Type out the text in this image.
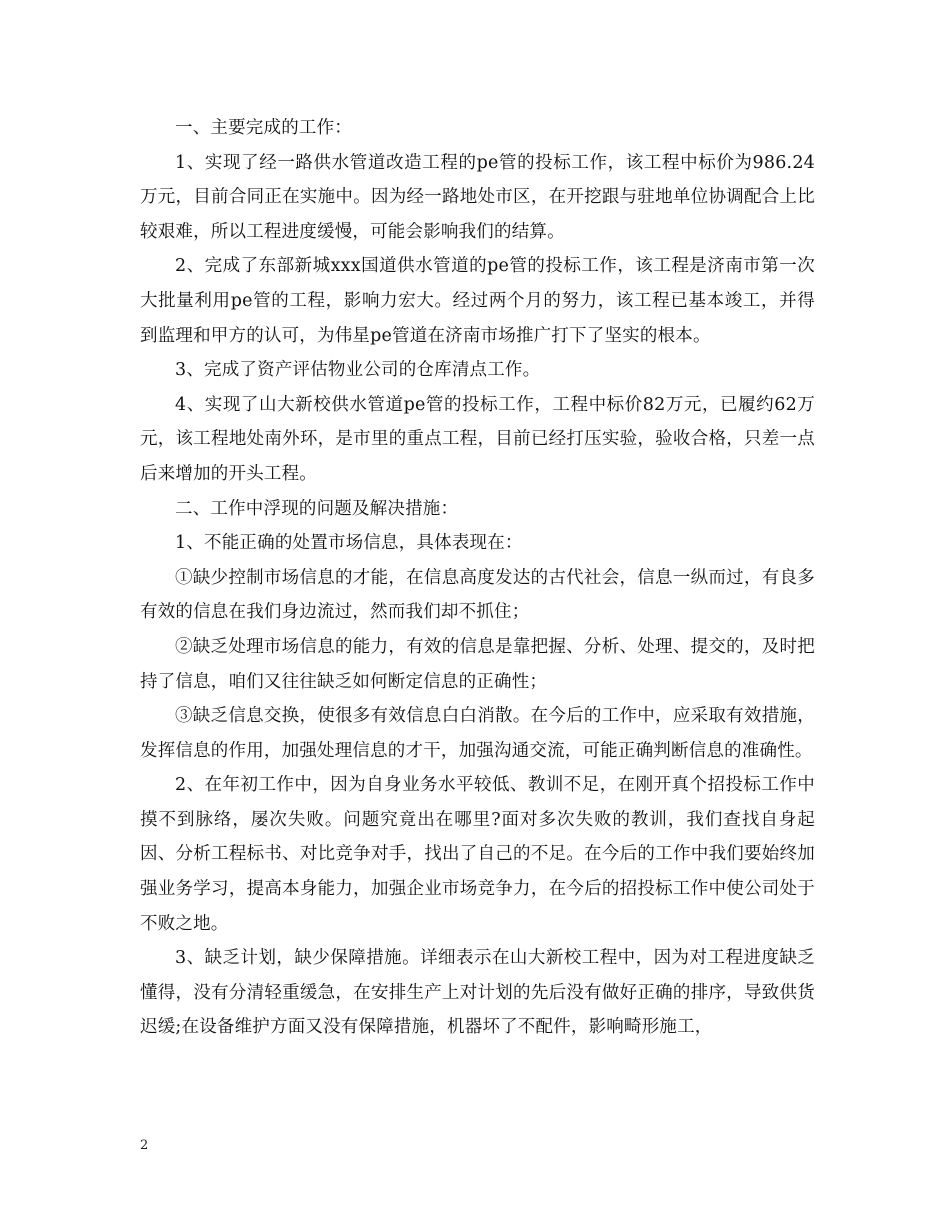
一、主要完成的工作：

1、实现了经一路供水管道改造工程的pe管的投标工作，该工程中标价为986.24万元，目前合同正在实施中。因为经一路地处市区，在开挖跟与驻地单位协调配合上比较艰难，所以工程进度缓慢，可能会影响我们的结算。

2、完成了东部新城xxx国道供水管道的pe管的投标工作，该工程是济南市第一次大批量利用pe管的工程，影响力宏大。经过两个月的努力，该工程已基本竣工，并得到监理和甲方的认可，为伟星pe管道在济南市场推广打下了坚实的根本。

3、完成了资产评估物业公司的仓库清点工作。

4、实现了山大新校供水管道pe管的投标工作，工程中标价82万元，已履约62万元，该工程地处南外环，是市里的重点工程，目前已经打压实验，验收合格，只差一点后来增加的开头工程。

二、工作中浮现的问题及解决措施：

1、不能正确的处置市场信息，具体表现在：

①缺少控制市场信息的才能，在信息高度发达的古代社会，信息一纵而过，有良多有效的信息在我们身边流过，然而我们却不抓住；

②缺乏处理市场信息的能力，有效的信息是靠把握、分析、处理、提交的，及时把持了信息，咱们又往往缺乏如何断定信息的正确性；

③缺乏信息交换，使很多有效信息白白消散。在今后的工作中，应采取有效措施，发挥信息的作用，加强处理信息的才干，加强沟通交流，可能正确判断信息的准确性。

2、在年初工作中，因为自身业务水平较低、教训不足，在刚开真个招投标工作中摸不到脉络，屡次失败。问题究竟出在哪里?面对多次失败的教训，我们查找自身起因、分析工程标书、对比竞争对手，找出了自己的不足。在今后的工作中我们要始终加强业务学习，提高本身能力，加强企业市场竞争力，在今后的招投标工作中使公司处于不败之地。

3、缺乏计划，缺少保障措施。详细表示在山大新校工程中，因为对工程进度缺乏懂得，没有分清轻重缓急，在安排生产上对计划的先后没有做好正确的排序，导致供货迟缓;在设备维护方面又没有保障措施，机器坏了不配件，影响畸形施工，

2
